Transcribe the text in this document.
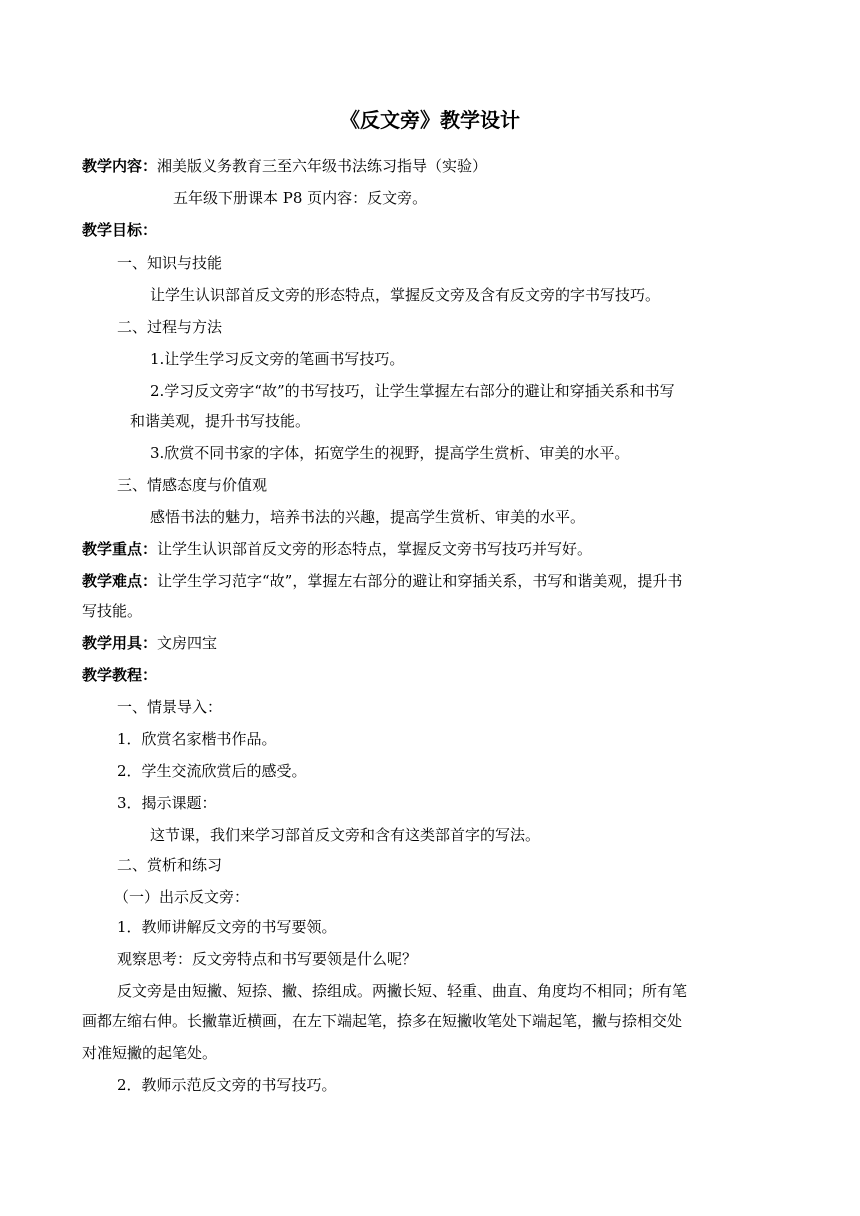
《反文旁》教学设计
教学内容：湘美版义务教育三至六年级书法练习指导（实验）
五年级下册课本 P8 页内容：反文旁。
教学目标：
一、知识与技能
让学生认识部首反文旁的形态特点，掌握反文旁及含有反文旁的字书写技巧。
二、过程与方法
1.让学生学习反文旁的笔画书写技巧。
2.学习反文旁字“故”的书写技巧，让学生掌握左右部分的避让和穿插关系和书写
和谐美观，提升书写技能。
3.欣赏不同书家的字体，拓宽学生的视野，提高学生赏析、审美的水平。
三、情感态度与价值观
感悟书法的魅力，培养书法的兴趣，提高学生赏析、审美的水平。
教学重点：让学生认识部首反文旁的形态特点，掌握反文旁书写技巧并写好。
教学难点：让学生学习范字“故”，掌握左右部分的避让和穿插关系，书写和谐美观，提升书
写技能。
教学用具：文房四宝
教学教程：
一、情景导入：
1．欣赏名家楷书作品。
2．学生交流欣赏后的感受。
3．揭示课题：
这节课，我们来学习部首反文旁和含有这类部首字的写法。
二、赏析和练习
（一）出示反文旁：
1．教师讲解反文旁的书写要领。
观察思考：反文旁特点和书写要领是什么呢？
反文旁是由短撇、短捺、撇、捺组成。两撇长短、轻重、曲直、角度均不相同；所有笔
画都左缩右伸。长撇靠近横画，在左下端起笔，捺多在短撇收笔处下端起笔，撇与捺相交处
对准短撇的起笔处。
2．教师示范反文旁的书写技巧。
